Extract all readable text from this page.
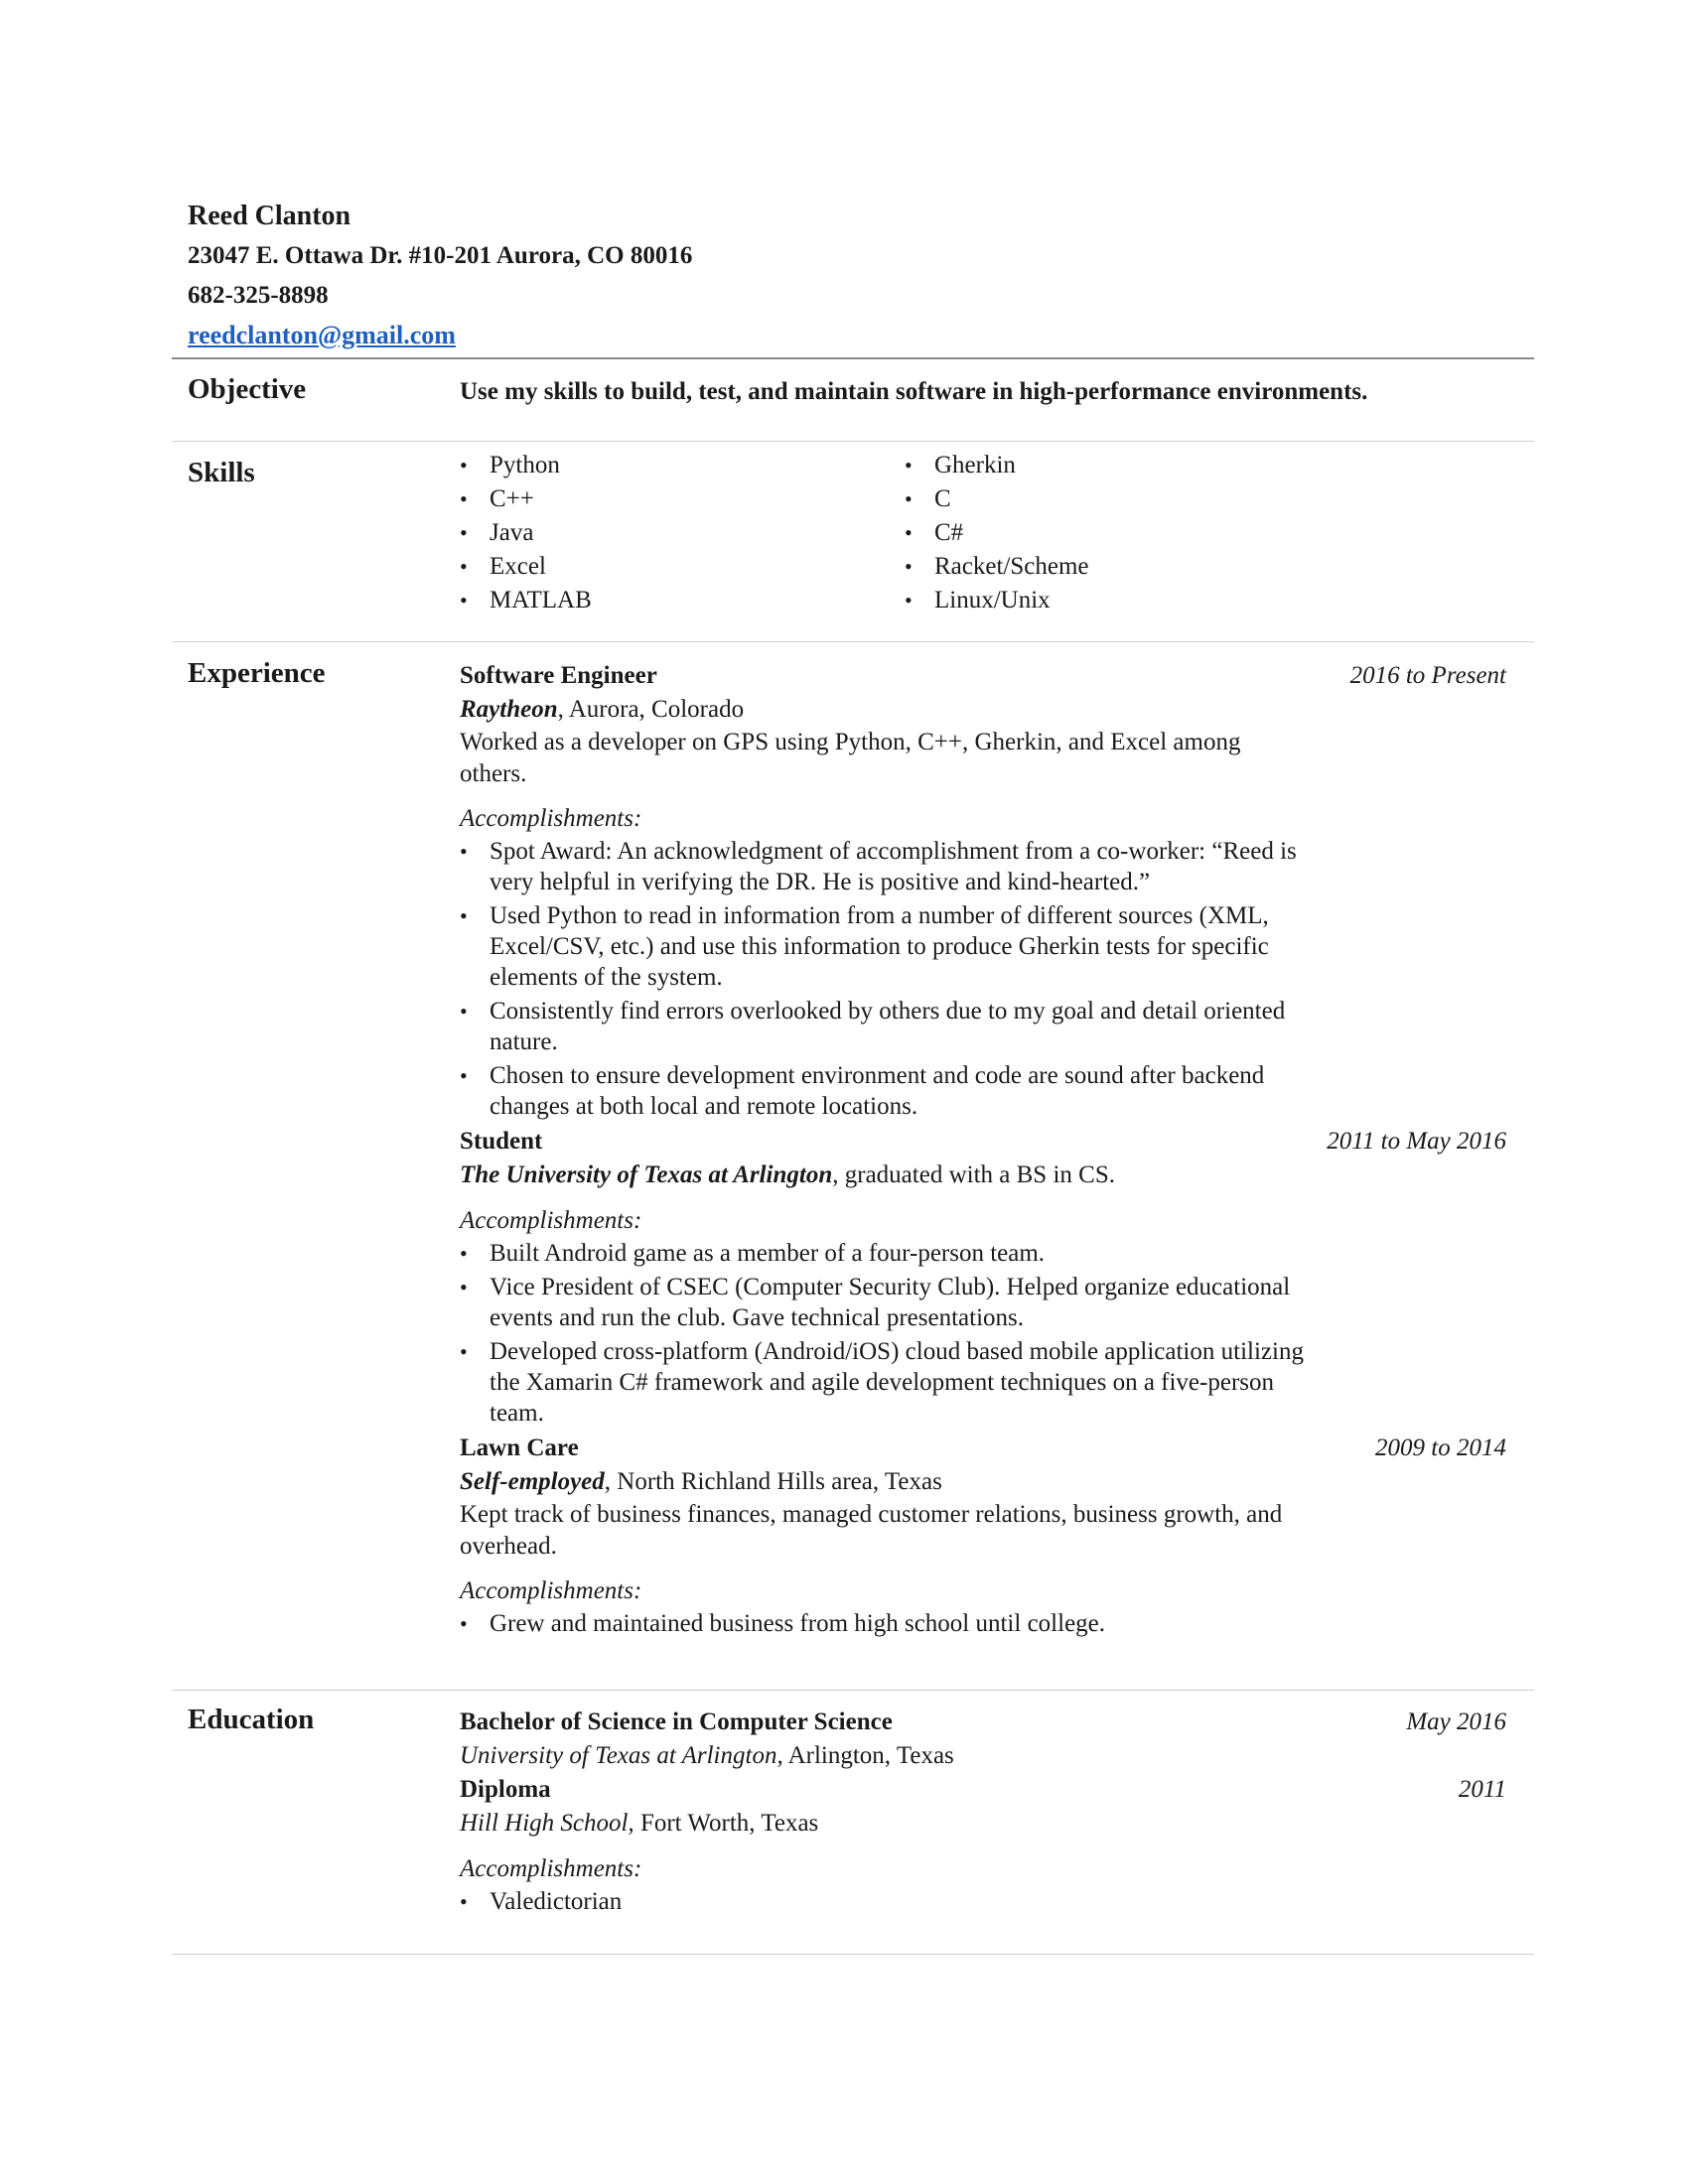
Reed Clanton
23047 E. Ottawa Dr. #10-201 Aurora, CO 80016
682-325-8898
reedclanton@gmail.com
Objective	Use my skills to build, test, and maintain software in high-performance environments.
Skills	• Python
• C++
• Java
• Excel
• MATLAB
• Gherkin
• C
• C#
• Racket/Scheme
• Linux/Unix
Experience	Software Engineer	2016 to Present
Raytheon, Aurora, Colorado
Worked as a developer on GPS using Python, C++, Gherkin, and Excel among others.
Accomplishments:
• Spot Award: An acknowledgment of accomplishment from a co-worker: “Reed is very helpful in verifying the DR. He is positive and kind-hearted.”
• Used Python to read in information from a number of different sources (XML, Excel/CSV, etc.) and use this information to produce Gherkin tests for specific elements of the system.
• Consistently find errors overlooked by others due to my goal and detail oriented nature.
• Chosen to ensure development environment and code are sound after backend changes at both local and remote locations.
Student	2011 to May 2016
The University of Texas at Arlington, graduated with a BS in CS.
Accomplishments:
• Built Android game as a member of a four-person team.
• Vice President of CSEC (Computer Security Club). Helped organize educational events and run the club. Gave technical presentations.
• Developed cross-platform (Android/iOS) cloud based mobile application utilizing the Xamarin C# framework and agile development techniques on a five-person team.
Lawn Care	2009 to 2014
Self-employed, North Richland Hills area, Texas
Kept track of business finances, managed customer relations, business growth, and overhead.
Accomplishments:
• Grew and maintained business from high school until college.
Education	Bachelor of Science in Computer Science	May 2016
University of Texas at Arlington, Arlington, Texas
Diploma	2011
Hill High School, Fort Worth, Texas
Accomplishments:
• Valedictorian
